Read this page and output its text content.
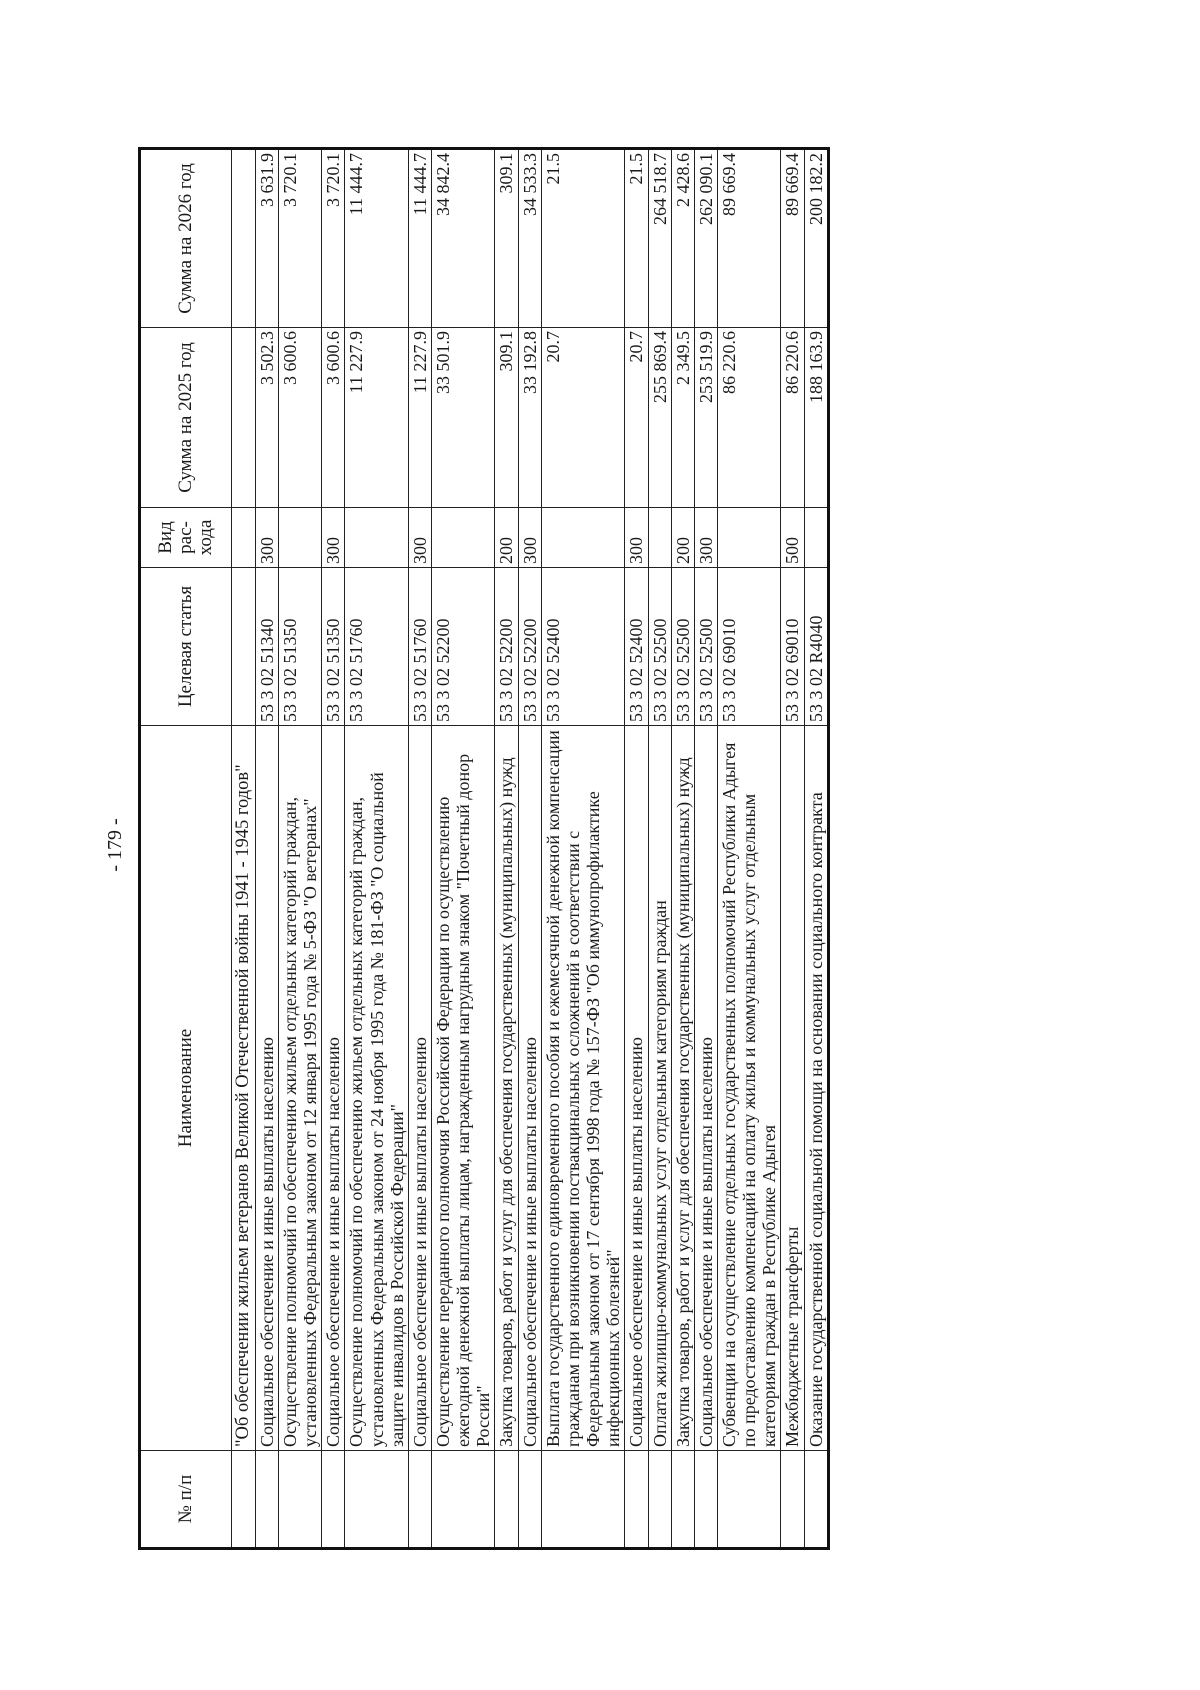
- 179 -
№ п/п	Наименование	Целевая статья	Вид рас-хода	Сумма на 2025 год	Сумма на 2026 год
	"Об обеспечении жильем ветеранов Великой Отечественной войны 1941 - 1945 годов"				
	Социальное обеспечение и иные выплаты населению	53 3 02 51340	300	3 502.3	3 631.9
	Осуществление полномочий по обеспечению жильем отдельных категорий граждан, установленных Федеральным законом от 12 января 1995 года № 5-ФЗ "О ветеранах"	53 3 02 51350		3 600.6	3 720.1
	Социальное обеспечение и иные выплаты населению	53 3 02 51350	300	3 600.6	3 720.1
	Осуществление полномочий по обеспечению жильем отдельных категорий граждан, установленных Федеральным законом от 24 ноября 1995 года № 181-ФЗ "О социальной защите инвалидов в Российской Федерации"	53 3 02 51760		11 227.9	11 444.7
	Социальное обеспечение и иные выплаты населению	53 3 02 51760	300	11 227.9	11 444.7
	Осуществление переданного полномочия Российской Федерации по осуществлению ежегодной денежной выплаты лицам, награжденным нагрудным знаком "Почетный донор России"	53 3 02 52200		33 501.9	34 842.4
	Закупка товаров, работ и услуг для обеспечения государственных (муниципальных) нужд	53 3 02 52200	200	309.1	309.1
	Социальное обеспечение и иные выплаты населению	53 3 02 52200	300	33 192.8	34 533.3
	Выплата государственного единовременного пособия и ежемесячной денежной компенсации гражданам при возникновении поствакцинальных осложнений в соответствии с Федеральным законом от 17 сентября 1998 года № 157-ФЗ "Об иммунопрофилактике инфекционных болезней"	53 3 02 52400		20.7	21.5
	Социальное обеспечение и иные выплаты населению	53 3 02 52400	300	20.7	21.5
	Оплата жилищно-коммунальных услуг отдельным категориям граждан	53 3 02 52500		255 869.4	264 518.7
	Закупка товаров, работ и услуг для обеспечения государственных (муниципальных) нужд	53 3 02 52500	200	2 349.5	2 428.6
	Социальное обеспечение и иные выплаты населению	53 3 02 52500	300	253 519.9	262 090.1
	Субвенции на осуществление отдельных государственных полномочий Республики Адыгея по предоставлению компенсаций на оплату жилья и коммунальных услуг отдельным категориям граждан в Республике Адыгея	53 3 02 69010		86 220.6	89 669.4
	Межбюджетные трансферты	53 3 02 69010	500	86 220.6	89 669.4
	Оказание государственной социальной помощи на основании социального контракта	53 3 02 R4040		188 163.9	200 182.2
